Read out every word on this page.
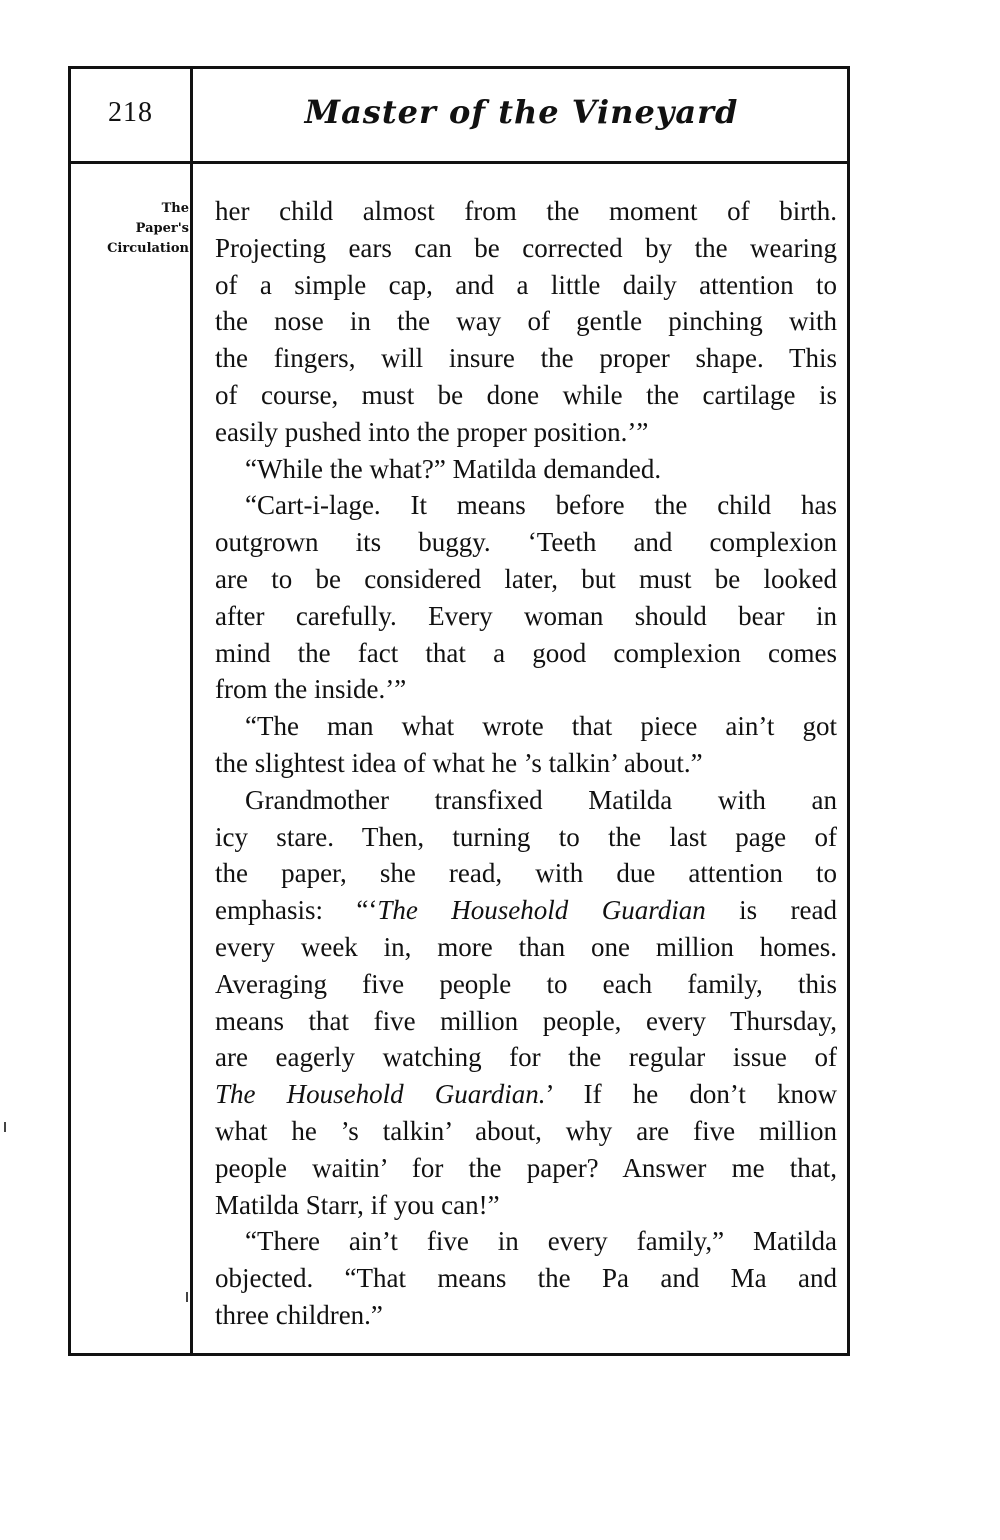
218	Master of the Vineyard
The
Paper's
Circulation
her child almost from the moment of birth.
Projecting ears can be corrected by the wearing
of a simple cap, and a little daily attention to
the nose in the way of gentle pinching with
the fingers, will insure the proper shape. This
of course, must be done while the cartilage is
easily pushed into the proper position.’”
“While the what?” Matilda demanded.
“Cart-i-lage. It means before the child has
outgrown its buggy. ‘Teeth and complexion
are to be considered later, but must be looked
after carefully. Every woman should bear in
mind the fact that a good complexion comes
from the inside.’”
“The man what wrote that piece ain’t got
the slightest idea of what he ’s talkin’ about.”
Grandmother transfixed Matilda with an
icy stare. Then, turning to the last page of
the paper, she read, with due attention to
emphasis: “‘The Household Guardian is read
every week in, more than one million homes.
Averaging five people to each family, this
means that five million people, every Thursday,
are eagerly watching for the regular issue of
The Household Guardian.’ If he don’t know
what he ’s talkin’ about, why are five million
people waitin’ for the paper? Answer me that,
Matilda Starr, if you can!”
“There ain’t five in every family,” Matilda
objected. “That means the Pa and Ma and
three children.”
